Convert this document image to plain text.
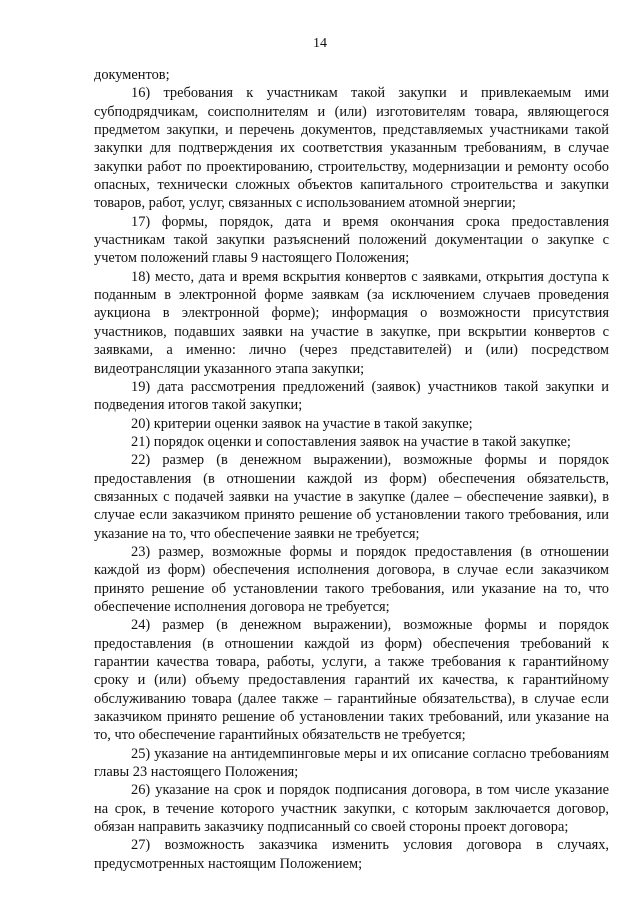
14

документов;

16) требования к участникам такой закупки и привлекаемым ими субподрядчикам, соисполнителям и (или) изготовителям товара, являющегося предметом закупки, и перечень документов, представляемых участниками такой закупки для подтверждения их соответствия указанным требованиям, в случае закупки работ по проектированию, строительству, модернизации и ремонту особо опасных, технически сложных объектов капитального строительства и закупки товаров, работ, услуг, связанных с использованием атомной энергии;

17) формы, порядок, дата и время окончания срока предоставления участникам такой закупки разъяснений положений документации о закупке с учетом положений главы 9 настоящего Положения;

18) место, дата и время вскрытия конвертов с заявками, открытия доступа к поданным в электронной форме заявкам (за исключением случаев проведения аукциона в электронной форме); информация о возможности присутствия участников, подавших заявки на участие в закупке, при вскрытии конвертов с заявками, а именно: лично (через представителей) и (или) посредством видеотрансляции указанного этапа закупки;

19) дата рассмотрения предложений (заявок) участников такой закупки и подведения итогов такой закупки;

20) критерии оценки заявок на участие в такой закупке;

21) порядок оценки и сопоставления заявок на участие в такой закупке;

22) размер (в денежном выражении), возможные формы и порядок предоставления (в отношении каждой из форм) обеспечения обязательств, связанных с подачей заявки на участие в закупке (далее – обеспечение заявки), в случае если заказчиком принято решение об установлении такого требования, или указание на то, что обеспечение заявки не требуется;

23) размер, возможные формы и порядок предоставления (в отношении каждой из форм) обеспечения исполнения договора, в случае если заказчиком принято решение об установлении такого требования, или указание на то, что обеспечение исполнения договора не требуется;

24) размер (в денежном выражении), возможные формы и порядок предоставления (в отношении каждой из форм) обеспечения требований к гарантии качества товара, работы, услуги, а также требования к гарантийному сроку и (или) объему предоставления гарантий их качества, к гарантийному обслуживанию товара (далее также – гарантийные обязательства), в случае если заказчиком принято решение об установлении таких требований, или указание на то, что обеспечение гарантийных обязательств не требуется;

25) указание на антидемпинговые меры и их описание согласно требованиям главы 23 настоящего Положения;

26) указание на срок и порядок подписания договора, в том числе указание на срок, в течение которого участник закупки, с которым заключается договор, обязан направить заказчику подписанный со своей стороны проект договора;

27) возможность заказчика изменить условия договора в случаях, предусмотренных настоящим Положением;
